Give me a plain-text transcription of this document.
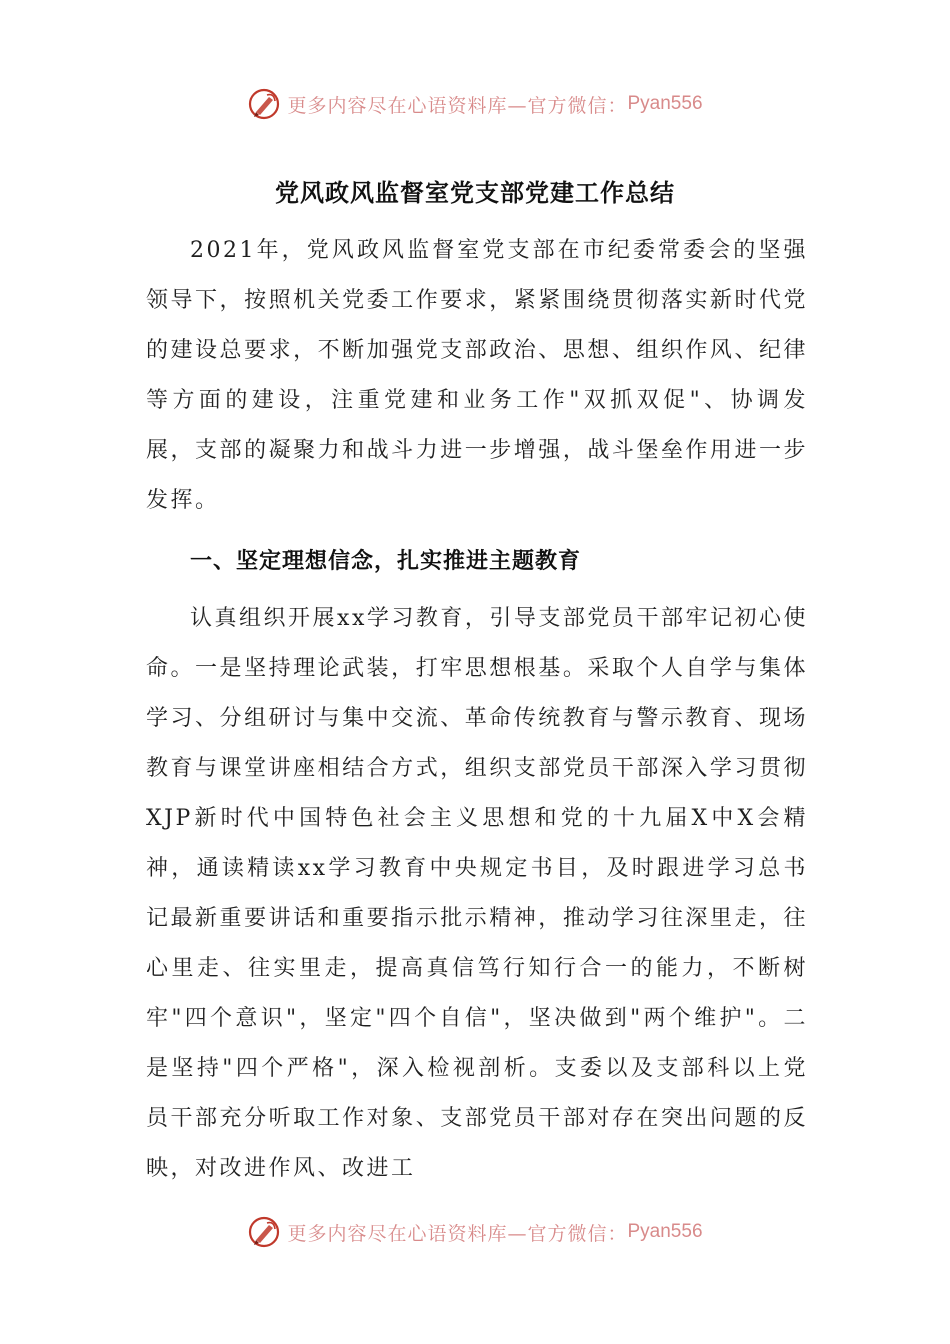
更多内容尽在心语资料库—官方微信： Pyan556
党风政风监督室党支部党建工作总结

2021年，党风政风监督室党支部在市纪委常委会的坚强领导下，按照机关党委工作要求，紧紧围绕贯彻落实新时代党的建设总要求，不断加强党支部政治、思想、组织作风、纪律等方面的建设，注重党建和业务工作"双抓双促"、协调发展，支部的凝聚力和战斗力进一步增强，战斗堡垒作用进一步发挥。

一、坚定理想信念，扎实推进主题教育

认真组织开展xx学习教育，引导支部党员干部牢记初心使命。一是坚持理论武装，打牢思想根基。采取个人自学与集体学习、分组研讨与集中交流、革命传统教育与警示教育、现场教育与课堂讲座相结合方式，组织支部党员干部深入学习贯彻XJP新时代中国特色社会主义思想和党的十九届X中X会精神，通读精读xx学习教育中央规定书目，及时跟进学习总书记最新重要讲话和重要指示批示精神，推动学习往深里走，往心里走、往实里走，提高真信笃行知行合一的能力，不断树牢"四个意识"，坚定"四个自信"，坚决做到"两个维护"。二是坚持"四个严格"，深入检视剖析。支委以及支部科以上党员干部充分听取工作对象、支部党员干部对存在突出问题的反映，对改进作风、改进工

更多内容尽在心语资料库—官方微信： Pyan556
